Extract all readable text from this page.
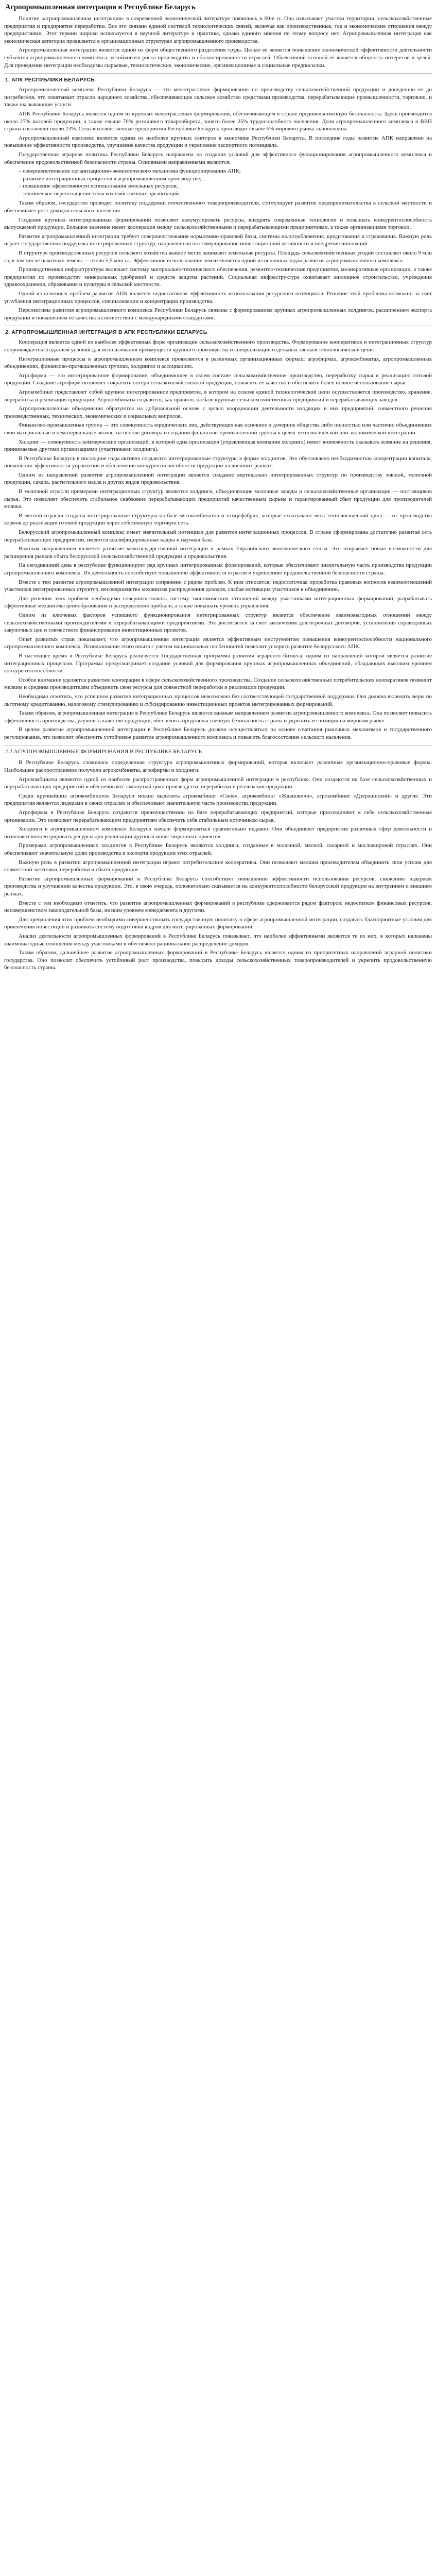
Агропромышленная интеграция в Республике Беларусь

Понятие «агропромышленная интеграция» в современной экономической литературе появилось в 60-е гг. Она охватывает участки территории, сельскохозяйственные предприятия и предприятия переработки. Все это связано единой системой технологических связей, включая как производственные, так и экономические отношения между предприятиями. Этот термин широко используется в научной литературе и практике, однако единого мнения по этому вопросу нет. Агропромышленная интеграция как экономическая категория проявляется в организационных структурах агропромышленного производства.

Агропромышленная интеграция является одной из форм общественного разделения труда. Целью её является повышение экономической эффективности деятельности субъектов агропромышленного комплекса, устойчивого роста производства и сбалансированности отраслей. Объективной основой её является общность интересов и целей. Для проведения интеграции необходимы сырьевые, технологические, экономические, организационные и социальные предпосылки.

1. АПК РЕСПУБЛИКИ БЕЛАРУСЬ

Агропромышленный комплекс Республики Беларусь — это межотраслевое формирование по производству сельскохозяйственной продукции и доведению ее до потребителя, что охватывает отрасли народного хозяйства, обеспечивающие сельское хозяйство средствами производства, перерабатывающие промышленности, торговлю, и также оказывающие услуги.

АПК Республики Беларусь является одним из крупных межотраслевых формирований, обеспечивающим в стране продовольственную безопасность. Здесь производится около 27% валовой продукции, а также свыше 70% розничного товарооборота, занято более 25% трудоспособного населения. Доля агропромышленного комплекса в ВВП страны составляет около 23%. Сельскохозяйственные предприятия Республики Беларусь производят свыше 6% мирового рынка льноволокна.

Агропромышленный комплекс является одним из наиболее крупных секторов в экономике Республики Беларусь. В последние годы развитие АПК направлено на повышение эффективности производства, улучшение качества продукции и укрепление экспортного потенциала.

Государственная аграрная политика Республики Беларусь направлена на создание условий для эффективного функционирования агропромышленного комплекса и обеспечение продовольственной безопасности страны. Основными направлениями являются:

– совершенствование организационно-экономического механизма функционирования АПК;
– развитие интеграционных процессов в агропромышленном производстве;
– повышение эффективности использования земельных ресурсов;
– техническое переоснащение сельскохозяйственных организаций.

Таким образом, государство проводит политику поддержки отечественного товаропроизводителя, стимулирует развитие предпринимательства в сельской местности и обеспечивает рост доходов сельского населения.

Создание крупных интегрированных формирований позволяет аккумулировать ресурсы, внедрять современные технологии и повышать конкурентоспособность выпускаемой продукции. Большое значение имеет кооперация между сельскохозяйственными и перерабатывающими предприятиями, а также организациями торговли.

Развитие агропромышленной интеграции требует совершенствования нормативно-правовой базы, системы налогообложения, кредитования и страхования. Важную роль играет государственная поддержка интегрированных структур, направленная на стимулирование инвестиционной активности и внедрение инноваций.

В структуре производственных ресурсов сельского хозяйства важное место занимают земельные ресурсы. Площадь сельскохозяйственных угодий составляет около 9 млн га, в том числе пахотных земель — около 5,5 млн га. Эффективное использование земли является одной из основных задач развития агропромышленного комплекса.

Производственная инфраструктура включает систему материально-технического обеспечения, ремонтно-технические предприятия, мелиоративные организации, а также предприятия по производству минеральных удобрений и средств защиты растений. Социальная инфраструктура охватывает жилищное строительство, учреждения здравоохранения, образования и культуры в сельской местности.

Одной из основных проблем развития АПК является недостаточная эффективность использования ресурсного потенциала. Решение этой проблемы возможно за счет углубления интеграционных процессов, специализации и концентрации производства.

Перспективы развития агропромышленного комплекса Республики Беларусь связаны с формированием крупных агропромышленных холдингов, расширением экспорта продукции и повышением ее качества в соответствии с международными стандартами.

2. АГРОПРОМЫШЛЕННАЯ ИНТЕГРАЦИЯ В АПК РЕСПУБЛИКИ БЕЛАРУСЬ

Кооперация является одной из наиболее эффективных форм организации сельскохозяйственного производства. Формирование кооперативов и интеграционных структур сопровождается созданием условий для использования преимуществ крупного производства и специализации отдельных звеньев технологической цепи.

Интеграционные процессы в агропромышленном комплексе проявляются в различных организационных формах: агрофирмах, агрокомбинатах, агропромышленных объединениях, финансово-промышленных группах, холдингах и ассоциациях.

Агрофирма — это интегрированное формирование, объединяющее в своем составе сельскохозяйственное производство, переработку сырья и реализацию готовой продукции. Создание агрофирм позволяет сократить потери сельскохозяйственной продукции, повысить ее качество и обеспечить более полное использование сырья.

Агрокомбинат представляет собой крупное интегрированное предприятие, в котором на основе единой технологической цепи осуществляется производство, хранение, переработка и реализация продукции. Агрокомбинаты создаются, как правило, на базе крупных сельскохозяйственных предприятий и перерабатывающих заводов.

Агропромышленные объединения образуются на добровольной основе с целью координации деятельности входящих в них предприятий, совместного решения производственных, технических, экономических и социальных вопросов.

Финансово-промышленная группа — это совокупность юридических лиц, действующих как основное и дочерние общества либо полностью или частично объединивших свои материальные и нематериальные активы на основе договора о создании финансово-промышленной группы в целях технологической или экономической интеграции.

Холдинг — совокупность коммерческих организаций, в которой одна организация (управляющая компания холдинга) имеет возможность оказывать влияние на решения, принимаемые другими организациями (участниками холдинга).

В Республике Беларусь в последние годы активно создаются интегрированные структуры в форме холдингов. Это обусловлено необходимостью концентрации капитала, повышения эффективности управления и обеспечения конкурентоспособности продукции на внешних рынках.

Одним из направлений развития агропромышленной интеграции является создание вертикально интегрированных структур по производству мясной, молочной продукции, сахара, растительного масла и других видов продовольствия.

В молочной отрасли примерами интеграционных структур являются холдинги, объединяющие молочные заводы и сельскохозяйственные организации — поставщиков сырья. Это позволяет обеспечить стабильное снабжение перерабатывающих предприятий качественным сырьем и гарантированный сбыт продукции для производителей молока.

В мясной отрасли созданы интегрированные структуры на базе мясокомбинатов и птицефабрик, которые охватывают весь технологический цикл — от производства кормов до реализации готовой продукции через собственную торговую сеть.

Белорусский агропромышленный комплекс имеет значительный потенциал для развития интеграционных процессов. В стране сформирована достаточно развитая сеть перерабатывающих предприятий, имеются квалифицированные кадры и научная база.

Важным направлением является развитие межгосударственной интеграции в рамках Евразийского экономического союза. Это открывает новые возможности для расширения рынков сбыта белорусской сельскохозяйственной продукции и продовольствия.

На сегодняшний день в республике функционирует ряд крупных интегрированных формирований, которые обеспечивают значительную часть производства продукции агропромышленного комплекса. Их деятельность способствует повышению эффективности отрасли и укреплению продовольственной безопасности страны.

Вместе с тем развитие агропромышленной интеграции сопряжено с рядом проблем. К ним относятся: недостаточная проработка правовых вопросов взаимоотношений участников интегрированных структур, несовершенство механизма распределения доходов, слабая мотивация участников к объединению.

Для решения этих проблем необходимо совершенствовать систему экономических отношений между участниками интеграционных формирований, разрабатывать эффективные механизмы ценообразования и распределения прибыли, а также повышать уровень управления.

Одним из ключевых факторов успешного функционирования интегрированных структур является обеспечение взаимовыгодных отношений между сельскохозяйственными производителями и перерабатывающими предприятиями. Это достигается за счет заключения долгосрочных договоров, установления справедливых закупочных цен и совместного финансирования инвестиционных проектов.

Опыт развитых стран показывает, что агропромышленная интеграция является эффективным инструментом повышения конкурентоспособности национального агропромышленного комплекса. Использование этого опыта с учетом национальных особенностей позволит ускорить развитие белорусского АПК.

В настоящее время в Республике Беларусь реализуется Государственная программа развития аграрного бизнеса, одним из направлений которой является развитие интеграционных процессов. Программа предусматривает создание условий для формирования крупных агропромышленных объединений, обладающих высоким уровнем конкурентоспособности.

Особое внимание уделяется развитию кооперации в сфере сельскохозяйственного производства. Создание сельскохозяйственных потребительских кооперативов позволит мелким и средним производителям объединить свои ресурсы для совместной переработки и реализации продукции.

Необходимо отметить, что успешное развитие интеграционных процессов невозможно без соответствующей государственной поддержки. Она должна включать меры по льготному кредитованию, налоговому стимулированию и субсидированию инвестиционных проектов интегрированных формирований.

Таким образом, агропромышленная интеграция в Республике Беларусь является важным направлением развития агропромышленного комплекса. Она позволяет повысить эффективность производства, улучшить качество продукции, обеспечить продовольственную безопасность страны и укрепить ее позиции на мировом рынке.

В целом развитие агропромышленной интеграции в Республике Беларусь должно осуществляться на основе сочетания рыночных механизмов и государственного регулирования, что позволит обеспечить устойчивое развитие агропромышленного комплекса и повысить благосостояние сельского населения.

2.2 АГРОПРОМЫШЛЕННЫЕ ФОРМИРОВАНИЯ В РЕСПУБЛИКЕ БЕЛАРУСЬ

В Республике Беларусь сложилась определенная структура агропромышленных формирований, которая включает различные организационно-правовые формы. Наибольшее распространение получили агрокомбинаты, агрофирмы и холдинги.

Агрокомбинаты являются одной из наиболее распространенных форм агропромышленной интеграции в республике. Они создаются на базе сельскохозяйственных и перерабатывающих предприятий и обеспечивают замкнутый цикл производства, переработки и реализации продукции.

Среди крупнейших агрокомбинатов Беларуси можно выделить агрокомбинат «Снов», агрокомбинат «Ждановичи», агрокомбинат «Дзержинский» и другие. Эти предприятия являются лидерами в своих отраслях и обеспечивают значительную часть производства продукции.

Агрофирмы в Республике Беларусь создаются преимущественно на базе перерабатывающих предприятий, которые присоединяют к себе сельскохозяйственные организации. Это позволяет перерабатывающим предприятиям обеспечить себя стабильным источником сырья.

Холдинги в агропромышленном комплексе Беларуси начали формироваться сравнительно недавно. Они объединяют предприятия различных сфер деятельности и позволяют концентрировать ресурсы для реализации крупных инвестиционных проектов.

Примерами агропромышленных холдингов в Республике Беларусь являются холдинги, созданные в молочной, мясной, сахарной и масложировой отраслях. Они обеспечивают значительную долю производства и экспорта продукции этих отраслей.

Важную роль в развитии агропромышленной интеграции играют потребительские кооперативы. Они позволяют мелким производителям объединить свои усилия для совместной заготовки, переработки и сбыта продукции.

Развитие агропромышленных формирований в Республике Беларусь способствует повышению эффективности использования ресурсов, снижению издержек производства и улучшению качества продукции. Это, в свою очередь, положительно сказывается на конкурентоспособности белорусской продукции на внутреннем и внешнем рынках.

Вместе с тем необходимо отметить, что развитие агропромышленных формирований в республике сдерживается рядом факторов: недостатком финансовых ресурсов, несовершенством законодательной базы, низким уровнем менеджмента и другими.

Для преодоления этих проблем необходимо совершенствовать государственную политику в сфере агропромышленной интеграции, создавать благоприятные условия для привлечения инвестиций и развивать систему подготовки кадров для интегрированных формирований.

Анализ деятельности агропромышленных формирований в Республике Беларусь показывает, что наиболее эффективными являются те из них, в которых налажены взаимовыгодные отношения между участниками и обеспечено рациональное распределение доходов.

Таким образом, дальнейшее развитие агропромышленных формирований в Республике Беларусь является одним из приоритетных направлений аграрной политики государства. Оно позволит обеспечить устойчивый рост производства, повысить доходы сельскохозяйственных товаропроизводителей и укрепить продовольственную безопасность страны.
